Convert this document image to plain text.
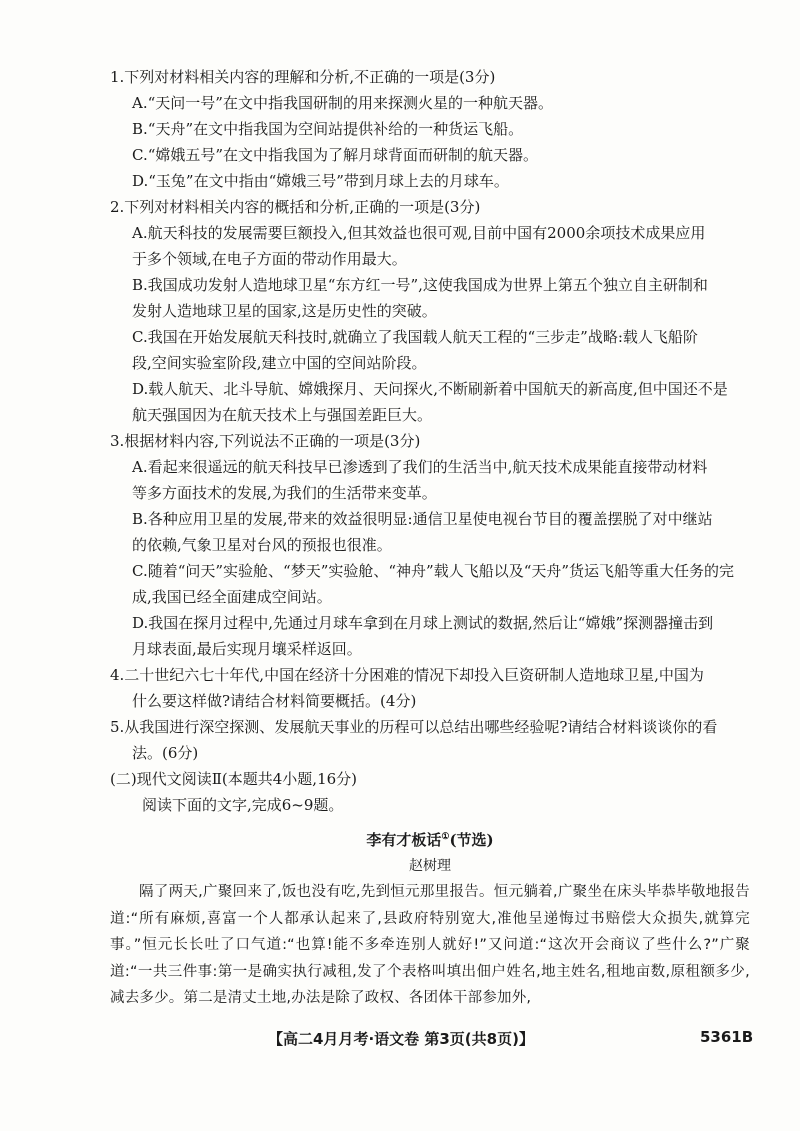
1.下列对材料相关内容的理解和分析,不正确的一项是(3分)

A.“天问一号”在文中指我国研制的用来探测火星的一种航天器。

B.“天舟”在文中指我国为空间站提供补给的一种货运飞船。

C.“嫦娥五号”在文中指我国为了解月球背面而研制的航天器。

D.“玉兔”在文中指由“嫦娥三号”带到月球上去的月球车。

2.下列对材料相关内容的概括和分析,正确的一项是(3分)

A.航天科技的发展需要巨额投入,但其效益也很可观,目前中国有2000余项技术成果应用

于多个领域,在电子方面的带动作用最大。

B.我国成功发射人造地球卫星“东方红一号”,这使我国成为世界上第五个独立自主研制和

发射人造地球卫星的国家,这是历史性的突破。

C.我国在开始发展航天科技时,就确立了我国载人航天工程的“三步走”战略:载人飞船阶

段,空间实验室阶段,建立中国的空间站阶段。

D.载人航天、北斗导航、嫦娥探月、天问探火,不断刷新着中国航天的新高度,但中国还不是

航天强国因为在航天技术上与强国差距巨大。

3.根据材料内容,下列说法不正确的一项是(3分)

A.看起来很遥远的航天科技早已渗透到了我们的生活当中,航天技术成果能直接带动材料

等多方面技术的发展,为我们的生活带来变革。

B.各种应用卫星的发展,带来的效益很明显:通信卫星使电视台节目的覆盖摆脱了对中继站

的依赖,气象卫星对台风的预报也很准。

C.随着“问天”实验舱、“梦天”实验舱、“神舟”载人飞船以及“天舟”货运飞船等重大任务的完

成,我国已经全面建成空间站。

D.我国在探月过程中,先通过月球车拿到在月球上测试的数据,然后让“嫦娥”探测器撞击到

月球表面,最后实现月壤采样返回。

4.二十世纪六七十年代,中国在经济十分困难的情况下却投入巨资研制人造地球卫星,中国为

什么要这样做?请结合材料简要概括。(4分)

5.从我国进行深空探测、发展航天事业的历程可以总结出哪些经验呢?请结合材料谈谈你的看

法。(6分)

(二)现代文阅读Ⅱ(本题共4小题,16分)

阅读下面的文字,完成6~9题。

李有才板话①(节选)

赵树理

隔了两天,广聚回来了,饭也没有吃,先到恒元那里报告。恒元躺着,广聚坐在床头毕恭毕敬地报告道:“所有麻烦,喜富一个人都承认起来了,县政府特别宽大,准他呈递悔过书赔偿大众损失,就算完事。”恒元长长吐了口气道:“也算!能不多牵连别人就好!”又问道:“这次开会商议了些什么?”广聚道:“一共三件事:第一是确实执行减租,发了个表格叫填出佃户姓名,地主姓名,租地亩数,原租额多少,减去多少。第二是清丈土地,办法是除了政权、各团体干部参加外,

【高二4月月考·语文卷 第3页(共8页)】	5361B
